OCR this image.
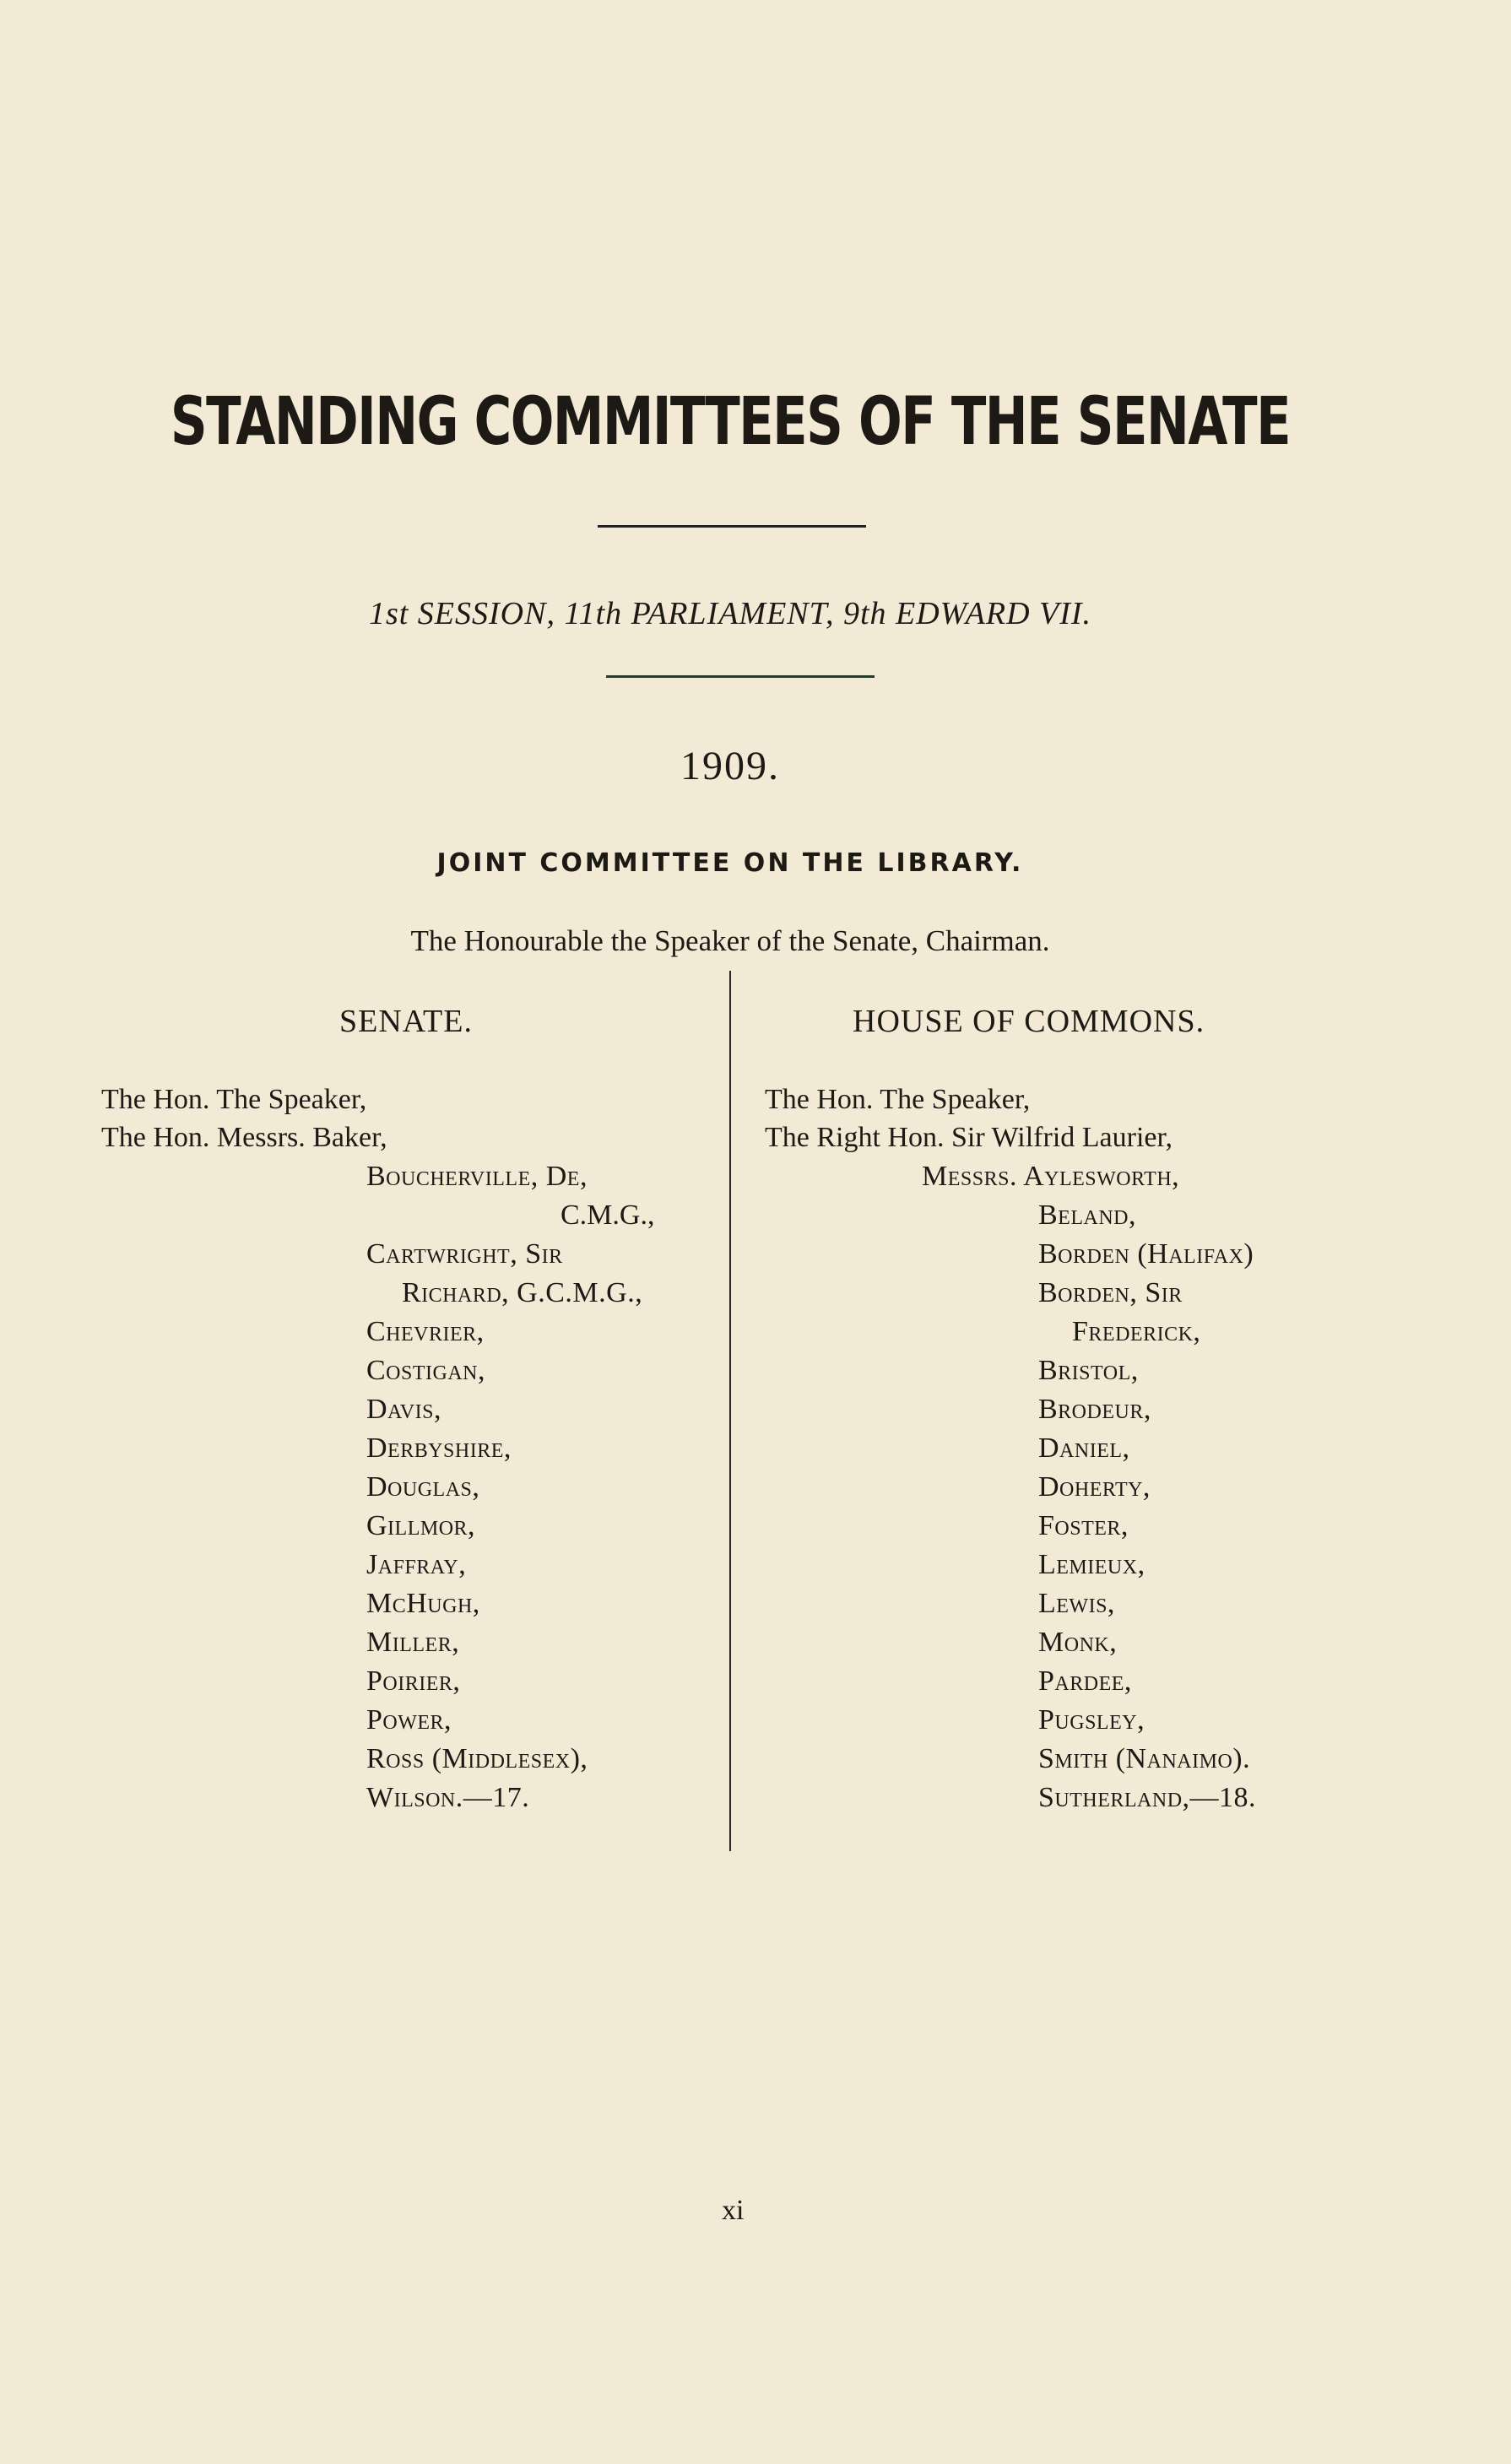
STANDING COMMITTEES OF THE SENATE
1st SESSION, 11th PARLIAMENT, 9th EDWARD VII.
1909.
JOINT COMMITTEE ON THE LIBRARY.
The Honourable the Speaker of the Senate, Chairman.
SENATE.	HOUSE OF COMMONS.
The Hon. The Speaker,
The Hon. Messrs. Baker,
Boucherville, De,
C.M.G.,
Cartwright, Sir
Richard, G.C.M.G.,
Chevrier,
Costigan,
Davis,
Derbyshire,
Douglas,
Gillmor,
Jaffray,
McHugh,
Miller,
Poirier,
Power,
Ross (Middlesex),
Wilson.—17.
The Hon. The Speaker,
The Right Hon. Sir Wilfrid Laurier,
Messrs. Aylesworth,
Beland,
Borden (Halifax)
Borden, Sir
Frederick,
Bristol,
Brodeur,
Daniel,
Doherty,
Foster,
Lemieux,
Lewis,
Monk,
Pardee,
Pugsley,
Smith (Nanaimo).
Sutherland,—18.
xi
